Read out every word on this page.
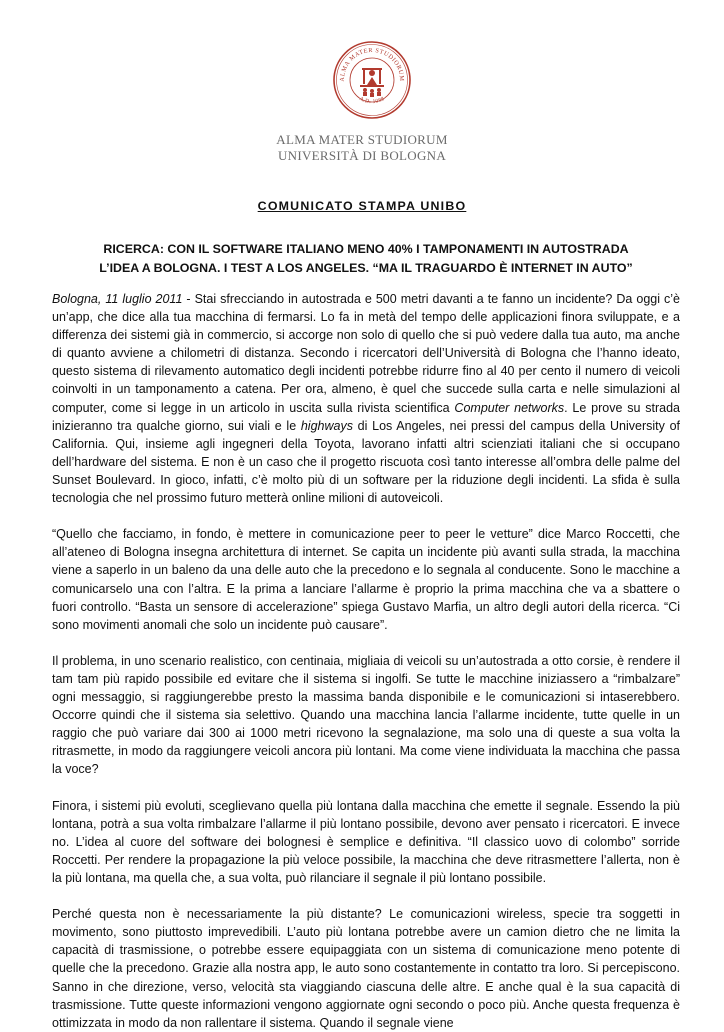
ALMA MATER STUDIORUM
A.D. 1088
ALMA MATER STUDIORUM
UNIVERSITÀ DI BOLOGNA
COMUNICATO STAMPA UNIBO
RICERCA: CON IL SOFTWARE ITALIANO MENO 40% I TAMPONAMENTI IN AUTOSTRADA
L’IDEA A BOLOGNA. I TEST A LOS ANGELES. “MA IL TRAGUARDO È INTERNET IN AUTO”

Bologna, 11 luglio 2011 - Stai sfrecciando in autostrada e 500 metri davanti a te fanno un incidente? Da oggi c’è un’app, che dice alla tua macchina di fermarsi. Lo fa in metà del tempo delle applicazioni finora sviluppate, e a differenza dei sistemi già in commercio, si accorge non solo di quello che si può vedere dalla tua auto, ma anche di quanto avviene a chilometri di distanza. Secondo i ricercatori dell’Università di Bologna che l’hanno ideato, questo sistema di rilevamento automatico degli incidenti potrebbe ridurre fino al 40 per cento il numero di veicoli coinvolti in un tamponamento a catena. Per ora, almeno, è quel che succede sulla carta e nelle simulazioni al computer, come si legge in un articolo in uscita sulla rivista scientifica Computer networks. Le prove su strada inizieranno tra qualche giorno, sui viali e le highways di Los Angeles, nei pressi del campus della University of California. Qui, insieme agli ingegneri della Toyota, lavorano infatti altri scienziati italiani che si occupano dell’hardware del sistema. E non è un caso che il progetto riscuota così tanto interesse all’ombra delle palme del Sunset Boulevard. In gioco, infatti, c’è molto più di un software per la riduzione degli incidenti. La sfida è sulla tecnologia che nel prossimo futuro metterà online milioni di autoveicoli.

“Quello che facciamo, in fondo, è mettere in comunicazione peer to peer le vetture” dice Marco Roccetti, che all’ateneo di Bologna insegna architettura di internet. Se capita un incidente più avanti sulla strada, la macchina viene a saperlo in un baleno da una delle auto che la precedono e lo segnala al conducente. Sono le macchine a comunicarselo una con l’altra. E la prima a lanciare l’allarme è proprio la prima macchina che va a sbattere o fuori controllo. “Basta un sensore di accelerazione” spiega Gustavo Marfia, un altro degli autori della ricerca. “Ci sono movimenti anomali che solo un incidente può causare”.

Il problema, in uno scenario realistico, con centinaia, migliaia di veicoli su un’autostrada a otto corsie, è rendere il tam tam più rapido possibile ed evitare che il sistema si ingolfi. Se tutte le macchine iniziassero a “rimbalzare” ogni messaggio, si raggiungerebbe presto la massima banda disponibile e le comunicazioni si intaserebbero. Occorre quindi che il sistema sia selettivo. Quando una macchina lancia l’allarme incidente, tutte quelle in un raggio che può variare dai 300 ai 1000 metri ricevono la segnalazione, ma solo una di queste a sua volta la ritrasmette, in modo da raggiungere veicoli ancora più lontani. Ma come viene individuata la macchina che passa la voce?

Finora, i sistemi più evoluti, sceglievano quella più lontana dalla macchina che emette il segnale. Essendo la più lontana, potrà a sua volta rimbalzare l’allarme il più lontano possibile, devono aver pensato i ricercatori. E invece no. L’idea al cuore del software dei bolognesi è semplice e definitiva. “Il classico uovo di colombo” sorride Roccetti. Per rendere la propagazione la più veloce possibile, la macchina che deve ritrasmettere l’allerta, non è la più lontana, ma quella che, a sua volta, può rilanciare il segnale il più lontano possibile.

Perché questa non è necessariamente la più distante? Le comunicazioni wireless, specie tra soggetti in movimento, sono piuttosto imprevedibili. L’auto più lontana potrebbe avere un camion dietro che ne limita la capacità di trasmissione, o potrebbe essere equipaggiata con un sistema di comunicazione meno potente di quelle che la precedono. Grazie alla nostra app, le auto sono costantemente in contatto tra loro. Si percepiscono. Sanno in che direzione, verso, velocità sta viaggiando ciascuna delle altre. E anche qual è la sua capacità di trasmissione. Tutte queste informazioni vengono aggiornate ogni secondo o poco più. Anche questa frequenza è ottimizzata in modo da non rallentare il sistema. Quando il segnale viene
